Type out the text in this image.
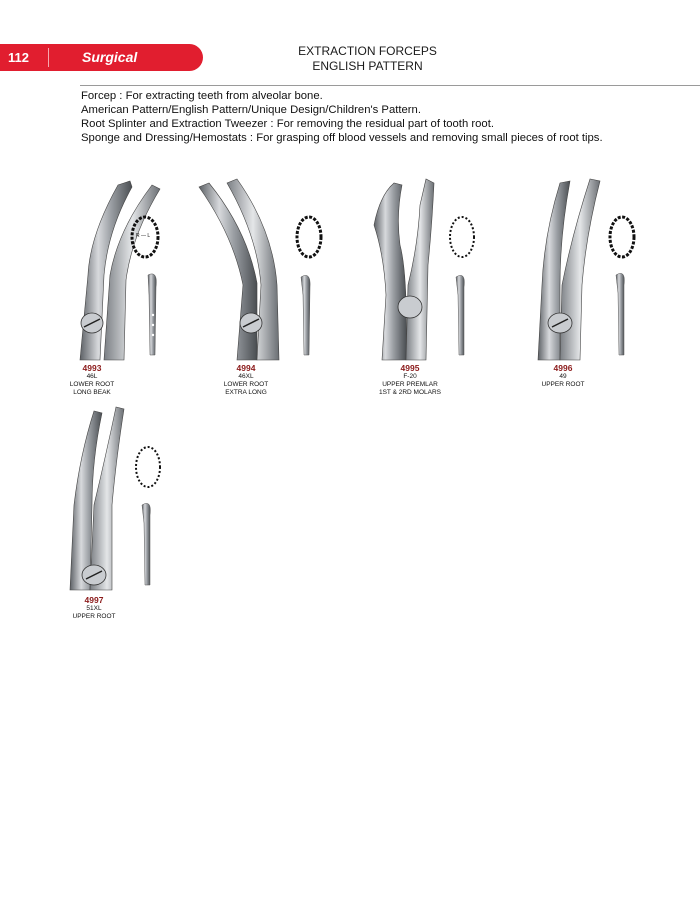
112	Surgical	EXTRACTION FORCEPS
ENGLISH PATTERN
Forcep : For extracting teeth from alveolar bone.
American Pattern/English Pattern/Unique Design/Children's Pattern.
Root Splinter and Extraction Tweezer : For removing the residual part of tooth root.
Sponge and Dressing/Hemostats : For grasping off blood vessels and removing small pieces of root tips.
R — L
4993
46L
LOWER ROOT
LONG BEAK
4994
46XL
LOWER ROOT
EXTRA LONG
4995
F-20
UPPER PREMLAR
1ST & 2RD MOLARS
4996
49
UPPER ROOT
4997
51XL
UPPER ROOT
